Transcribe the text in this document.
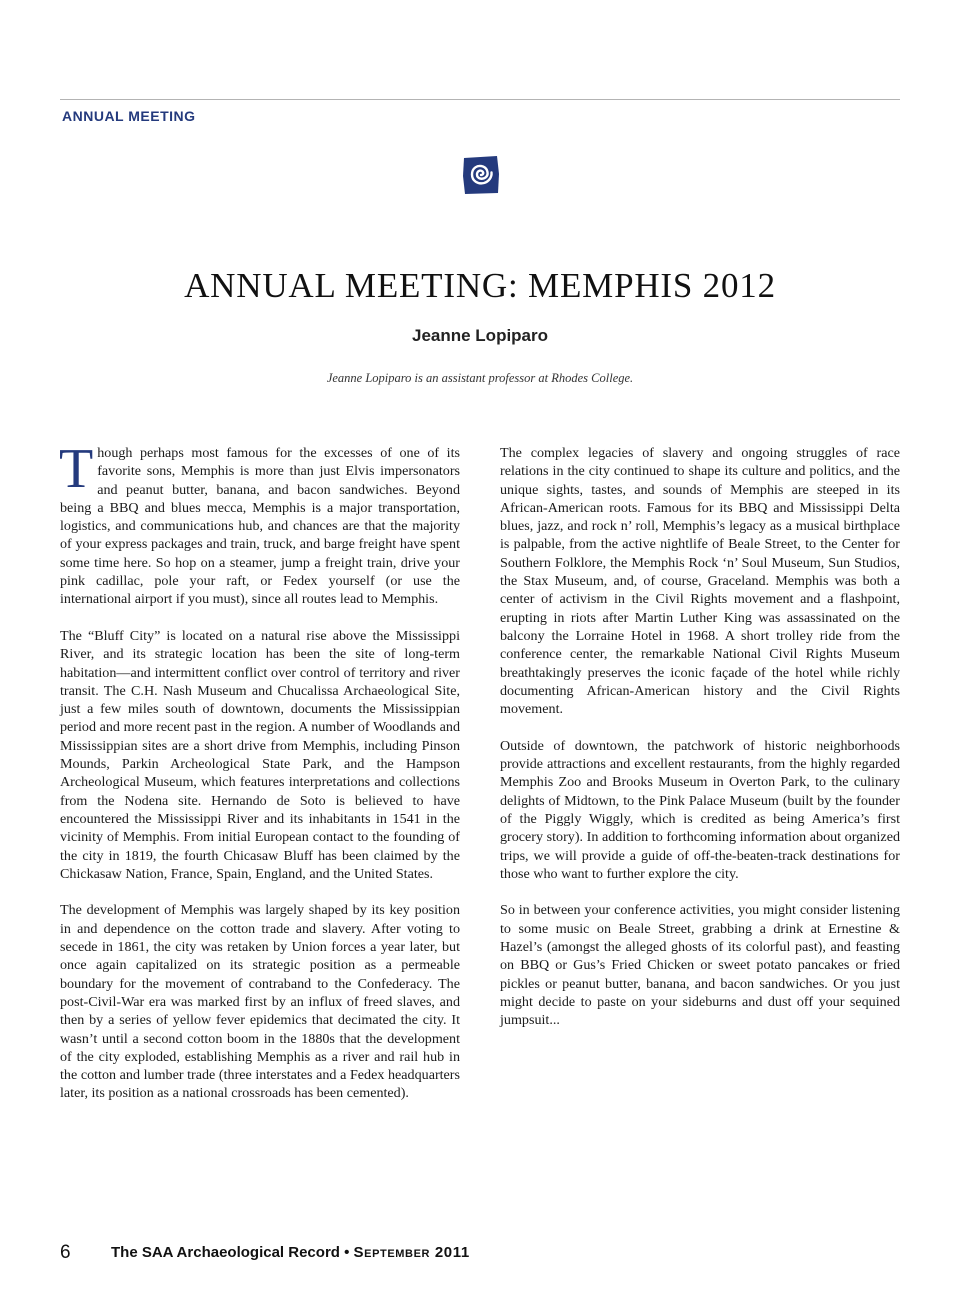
ANNUAL MEETING
ANNUAL MEETING: MEMPHIS 2012
Jeanne Lopiparo
Jeanne Lopiparo is an assistant professor at Rhodes College.

Though perhaps most famous for the excesses of one of its favorite sons, Memphis is more than just Elvis impersonators and peanut butter, banana, and bacon sandwiches. Beyond being a BBQ and blues mecca, Memphis is a major transportation, logistics, and communications hub, and chances are that the majority of your express packages and train, truck, and barge freight have spent some time here. So hop on a steamer, jump a freight train, drive your pink cadillac, pole your raft, or Fedex yourself (or use the international airport if you must), since all routes lead to Memphis.

The “Bluff City” is located on a natural rise above the Mississippi River, and its strategic location has been the site of long-term habitation—and intermittent conflict over control of territory and river transit. The C.H. Nash Museum and Chucalissa Archaeological Site, just a few miles south of downtown, documents the Mississippian period and more recent past in the region. A number of Woodlands and Mississippian sites are a short drive from Memphis, including Pinson Mounds, Parkin Archeological State Park, and the Hampson Archeological Museum, which features interpretations and collections from the Nodena site. Hernando de Soto is believed to have encountered the Mississippi River and its inhabitants in 1541 in the vicinity of Memphis. From initial European contact to the founding of the city in 1819, the fourth Chicasaw Bluff has been claimed by the Chickasaw Nation, France, Spain, England, and the United States.

The development of Memphis was largely shaped by its key position in and dependence on the cotton trade and slavery. After voting to secede in 1861, the city was retaken by Union forces a year later, but once again capitalized on its strategic position as a permeable boundary for the movement of contraband to the Confederacy. The post-Civil-War era was marked first by an influx of freed slaves, and then by a series of yellow fever epidemics that decimated the city. It wasn’t until a second cotton boom in the 1880s that the development of the city exploded, establishing Memphis as a river and rail hub in the cotton and lumber trade (three interstates and a Fedex headquarters later, its position as a national crossroads has been cemented).

The complex legacies of slavery and ongoing struggles of race relations in the city continued to shape its culture and politics, and the unique sights, tastes, and sounds of Memphis are steeped in its African-American roots. Famous for its BBQ and Mississippi Delta blues, jazz, and rock n’ roll, Memphis’s legacy as a musical birthplace is palpable, from the active nightlife of Beale Street, to the Center for Southern Folklore, the Memphis Rock ‘n’ Soul Museum, Sun Studios, the Stax Museum, and, of course, Graceland. Memphis was both a center of activism in the Civil Rights movement and a flashpoint, erupting in riots after Martin Luther King was assassinated on the balcony the Lorraine Hotel in 1968. A short trolley ride from the conference center, the remarkable National Civil Rights Museum breathtakingly preserves the iconic façade of the hotel while richly documenting African-American history and the Civil Rights movement.

Outside of downtown, the patchwork of historic neighborhoods provide attractions and excellent restaurants, from the highly regarded Memphis Zoo and Brooks Museum in Overton Park, to the culinary delights of Midtown, to the Pink Palace Museum (built by the founder of the Piggly Wiggly, which is credited as being America’s first grocery story). In addition to forthcoming information about organized trips, we will provide a guide of off-the-beaten-track destinations for those who want to further explore the city.

So in between your conference activities, you might consider listening to some music on Beale Street, grabbing a drink at Ernestine & Hazel’s (amongst the alleged ghosts of its colorful past), and feasting on BBQ or Gus’s Fried Chicken or sweet potato pancakes or fried pickles or peanut butter, banana, and bacon sandwiches. Or you just might decide to paste on your sideburns and dust off your sequined jumpsuit...

6	The SAA Archaeological Record • September 2011
